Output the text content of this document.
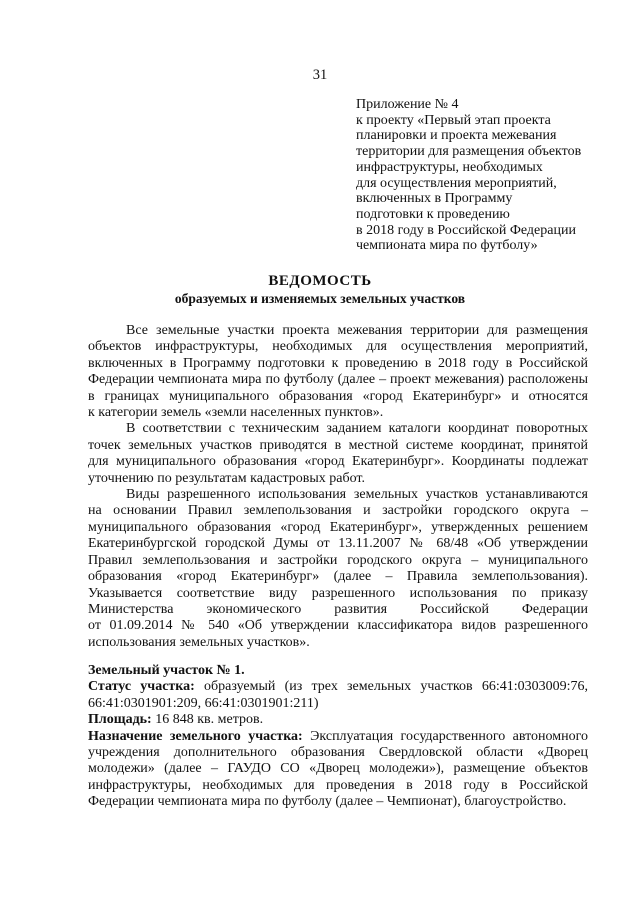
31
Приложение № 4
к проекту «Первый этап проекта
планировки и проекта межевания
территории для размещения объектов
инфраструктуры, необходимых
для осуществления мероприятий,
включенных в Программу
подготовки к проведению
в 2018 году в Российской Федерации
чемпионата мира по футболу»
ВЕДОМОСТЬ
образуемых и изменяемых земельных участков
Все земельные участки проекта межевания территории для размещения
объектов инфраструктуры, необходимых для осуществления мероприятий,
включенных в Программу подготовки к проведению в 2018 году в Российской
Федерации чемпионата мира по футболу (далее – проект межевания) расположены
в границах муниципального образования «город Екатеринбург» и относятся
к категории земель «земли населенных пунктов».
В соответствии с техническим заданием каталоги координат поворотных
точек земельных участков приводятся в местной системе координат, принятой
для муниципального образования «город Екатеринбург». Координаты подлежат
уточнению по результатам кадастровых работ.
Виды разрешенного использования земельных участков устанавливаются
на основании Правил землепользования и застройки городского округа –
муниципального образования «город Екатеринбург», утвержденных решением
Екатеринбургской городской Думы от 13.11.2007 № 68/48 «Об утверждении
Правил землепользования и застройки городского округа – муниципального
образования «город Екатеринбург» (далее – Правила землепользования).
Указывается соответствие виду разрешенного использования по приказу
Министерства экономического развития Российской Федерации
от 01.09.2014 № 540 «Об утверждении классификатора видов разрешенного
использования земельных участков».
Земельный участок № 1.
Статус участка: образуемый (из трех земельных участков 66:41:0303009:76,
66:41:0301901:209, 66:41:0301901:211)
Площадь: 16 848 кв. метров.
Назначение земельного участка: Эксплуатация государственного автономного
учреждения дополнительного образования Свердловской области «Дворец
молодежи» (далее – ГАУДО СО «Дворец молодежи»), размещение объектов
инфраструктуры, необходимых для проведения в 2018 году в Российской
Федерации чемпионата мира по футболу (далее – Чемпионат), благоустройство.
